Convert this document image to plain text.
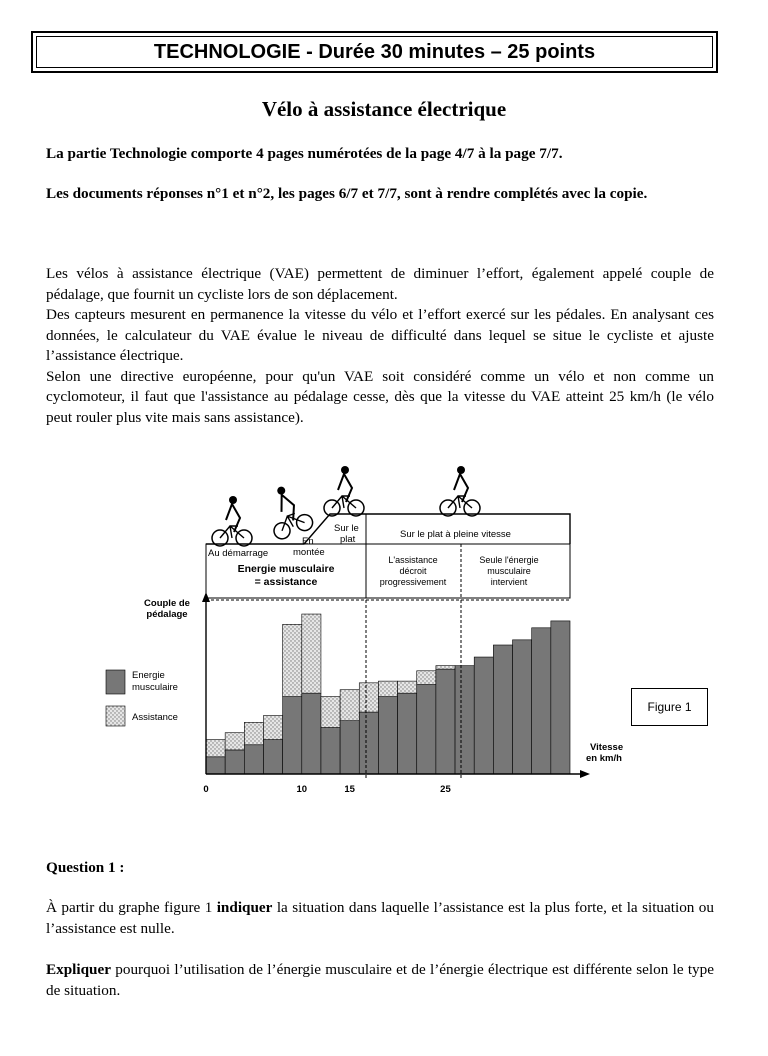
TECHNOLOGIE - Durée 30 minutes – 25 points
Vélo à assistance électrique

La partie Technologie comporte 4 pages numérotées de la page 4/7 à la page 7/7.

Les documents réponses n°1 et n°2, les pages 6/7 et 7/7, sont à rendre complétés avec la copie.

Les vélos à assistance électrique (VAE) permettent de diminuer l’effort, également appelé couple de pédalage, que fournit un cycliste lors de son déplacement.
Des capteurs mesurent en permanence la vitesse du vélo et l’effort exercé sur les pédales. En analysant ces données, le calculateur du VAE évalue le niveau de difficulté dans lequel se situe le cycliste et ajuste l’assistance électrique.
Selon une directive européenne, pour qu'un VAE soit considéré comme un vélo et non comme un cyclomoteur, il faut que l'assistance au pédalage cesse, dès que la vitesse du VAE atteint 25 km/h (le vélo peut rouler plus vite mais sans assistance).
Au démarrage
En
montée
Sur le
plat	Sur le plat à pleine vitesse
Energie musculaire
= assistance
L'assistance
décroit
progressivement
Seule l'énergie
musculaire
intervient
Couple de
pédalage
Energie
musculaire
Assistance
Vitesse
en km/h
0	10	15	25
Figure 1

Question 1 :

À partir du graphe figure 1 indiquer la situation dans laquelle l’assistance est la plus forte, et la situation ou l’assistance est nulle.

Expliquer pourquoi l’utilisation de l’énergie musculaire et de l’énergie électrique est différente selon le type de situation.
